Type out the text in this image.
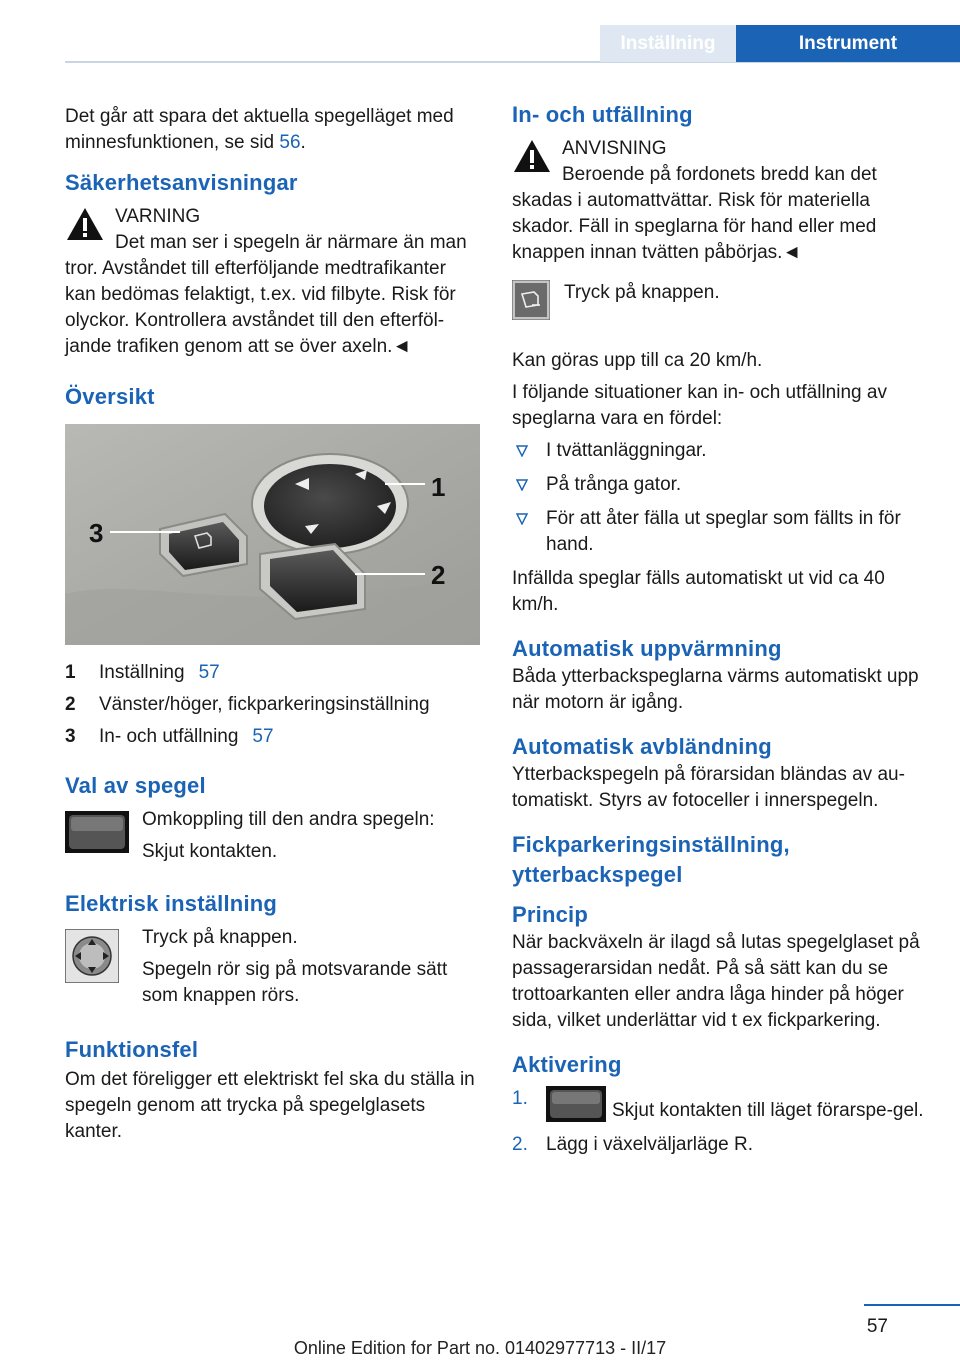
Inställning	Instrument

Det går att spara det aktuella spegelläget med minnesfunktionen, se sid 56.

Säkerhetsanvisningar
VARNING
Det man ser i spegeln är närmare än man tror. Avståndet till efterföljande medtrafikanter kan bedömas felaktigt, t.ex. vid filbyte. Risk för olyckor. Kontrollera avståndet till den efterföl-jande trafiken genom att se över axeln.◄
Översikt
1
2
3
1	Inställning 57
2	Vänster/höger, fickparkeringsinställning
3	In- och utfällning 57
Val av spegel
Omkoppling till den andra spegeln:
Skjut kontakten.
Elektrisk inställning
Tryck på knappen.
Spegeln rör sig på motsvarande sätt som knappen rörs.
Funktionsfel

Om det föreligger ett elektriskt fel ska du ställa in spegeln genom att trycka på spegelglasets kanter.

In- och utfällning
ANVISNING
Beroende på fordonets bredd kan det skadas i automattvättar. Risk för materiella skador. Fäll in speglarna för hand eller med knappen innan tvätten påbörjas.◄
Tryck på knappen.

Kan göras upp till ca 20 km/h.

I följande situationer kan in- och utfällning av speglarna vara en fördel:

I tvättanläggningar.
På trånga gator.
För att åter fälla ut speglar som fällts in för hand.

Infällda speglar fälls automatiskt ut vid ca 40 km/h.

Automatisk uppvärmning

Båda ytterbackspeglarna värms automatiskt upp när motorn är igång.

Automatisk avbländning

Ytterbackspegeln på förarsidan bländas av au-tomatiskt. Styrs av fotoceller i innerspegeln.

Fickparkeringsinställning, ytterbackspegel
Princip

När backväxeln är ilagd så lutas spegelglaset på passagerarsidan nedåt. På så sätt kan du se trottoarkanten eller andra låga hinder på höger sida, vilket underlättar vid t ex fickparkering.

Aktivering
1.
Skjut kontakten till läget förarspe-gel.
2. Lägg i växelväljarläge R.
57
Online Edition for Part no. 01402977713 - II/17
